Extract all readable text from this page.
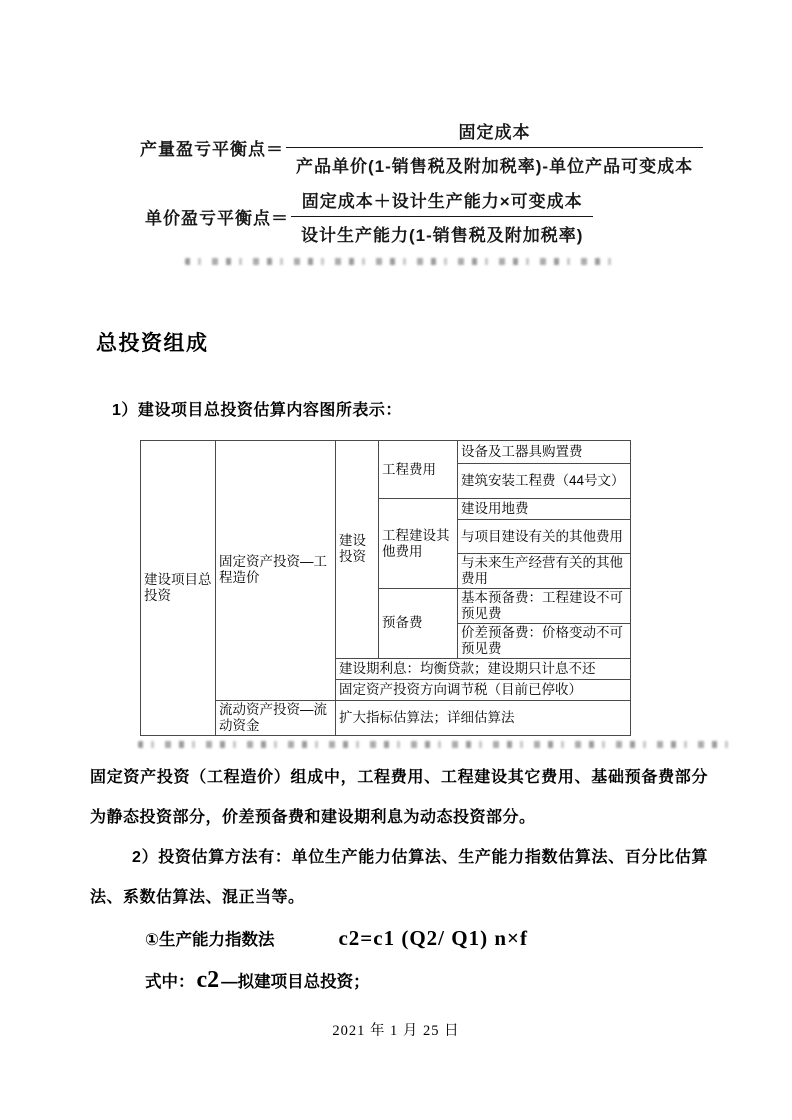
产量盈亏平衡点＝ $\frac{\text{固定成本}}{\text{产品单价(1-销售税及附加税率)-单位产品可变成本}}$
单价盈亏平衡点＝ $\frac{\text{固定成本＋设计生产能力×可变成本}}{\text{设计生产能力(1-销售税及附加税率)}}$
总投资组成
1）建设项目总投资估算内容图所表示：
建设项目总投资	固定资产投资—工程造价	建设投资	工程费用	设备及工器具购置费
				建筑安装工程费（44号文）
			工程建设其他费用	建设用地费
				与项目建设有关的其他费用
				与未来生产经营有关的其他费用
			预备费	基本预备费：工程建设不可预见费
				价差预备费：价格变动不可预见费
		建设期利息：均衡贷款；建设期只计息不还		
		固定资产投资方向调节税（目前已停收）		
	流动资产投资—流动资金	扩大指标估算法；详细估算法		

固定资产投资（工程造价）组成中，工程费用、工程建设其它费用、基础预备费部分为静态投资部分，价差预备费和建设期利息为动态投资部分。

2）投资估算方法有：单位生产能力估算法、生产能力指数估算法、百分比估算法、系数估算法、混正当等。

①生产能力指数法	c2=c1 (Q2/ Q1) n×f
式中： c2 —拟建项目总投资；
2021 年 1 月 25 日
